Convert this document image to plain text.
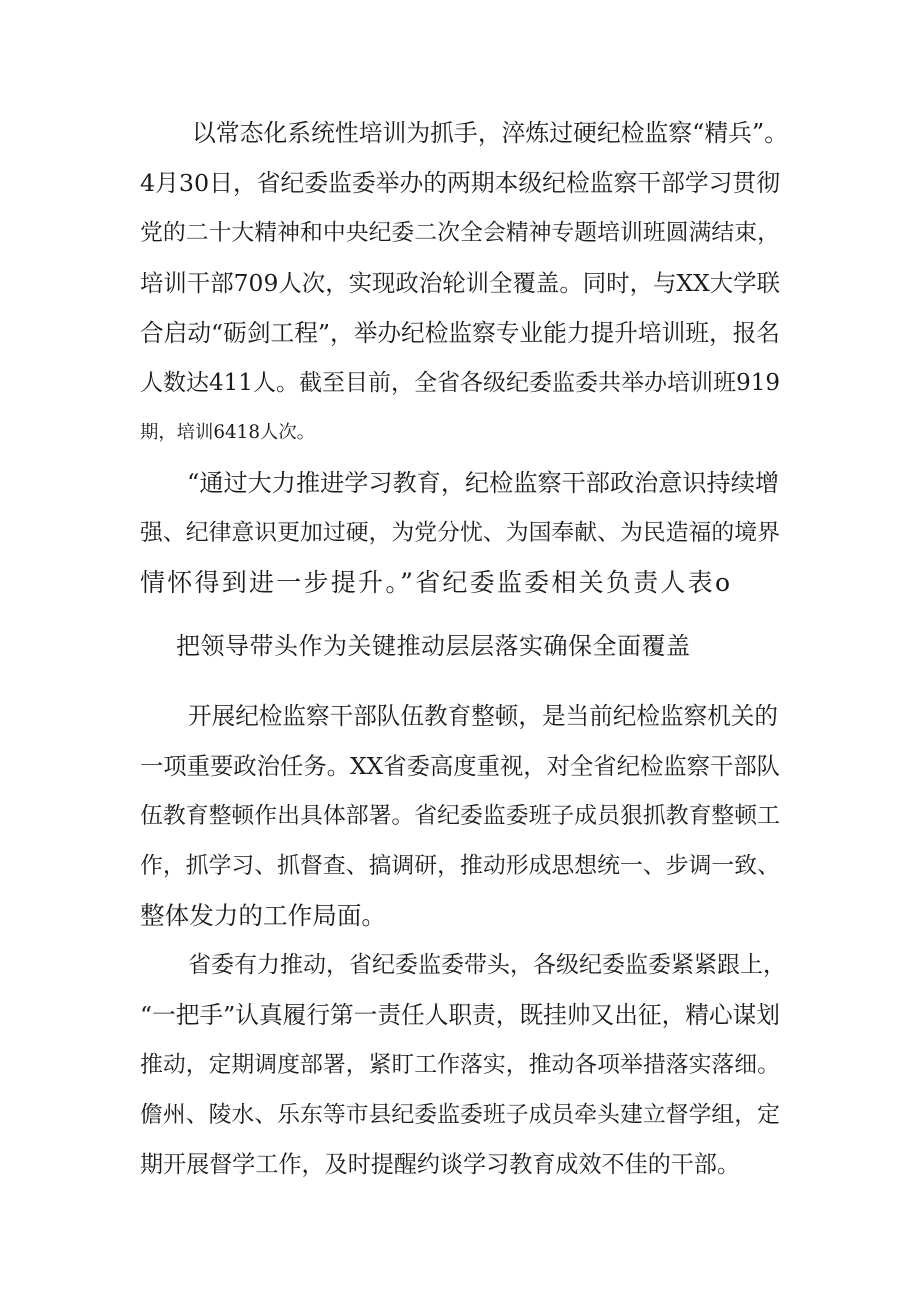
以常态化系统性培训为抓手，淬炼过硬纪检监察“精兵”。
4月30日，省纪委监委举办的两期本级纪检监察干部学习贯彻
党的二十大精神和中央纪委二次全会精神专题培训班圆满结束，
培训干部709人次，实现政治轮训全覆盖。同时，与XX大学联
合启动“砺剑工程”，举办纪检监察专业能力提升培训班，报名
人数达411人。截至目前，全省各级纪委监委共举办培训班919
期，培训6418人次。
“通过大力推进学习教育，纪检监察干部政治意识持续增
强、纪律意识更加过硬，为党分忧、为国奉献、为民造福的境界
情怀得到进一步提升。”省纪委监委相关负责人表o
把领导带头作为关键推动层层落实确保全面覆盖
开展纪检监察干部队伍教育整顿，是当前纪检监察机关的
一项重要政治任务。XX省委高度重视，对全省纪检监察干部队
伍教育整顿作出具体部署。省纪委监委班子成员狠抓教育整顿工
作，抓学习、抓督查、搞调研，推动形成思想统一、步调一致、
整体发力的工作局面。
省委有力推动，省纪委监委带头，各级纪委监委紧紧跟上，
“一把手”认真履行第一责任人职责，既挂帅又出征，精心谋划
推动，定期调度部署，紧盯工作落实，推动各项举措落实落细。
儋州、陵水、乐东等市县纪委监委班子成员牵头建立督学组，定
期开展督学工作，及时提醒约谈学习教育成效不佳的干部。
